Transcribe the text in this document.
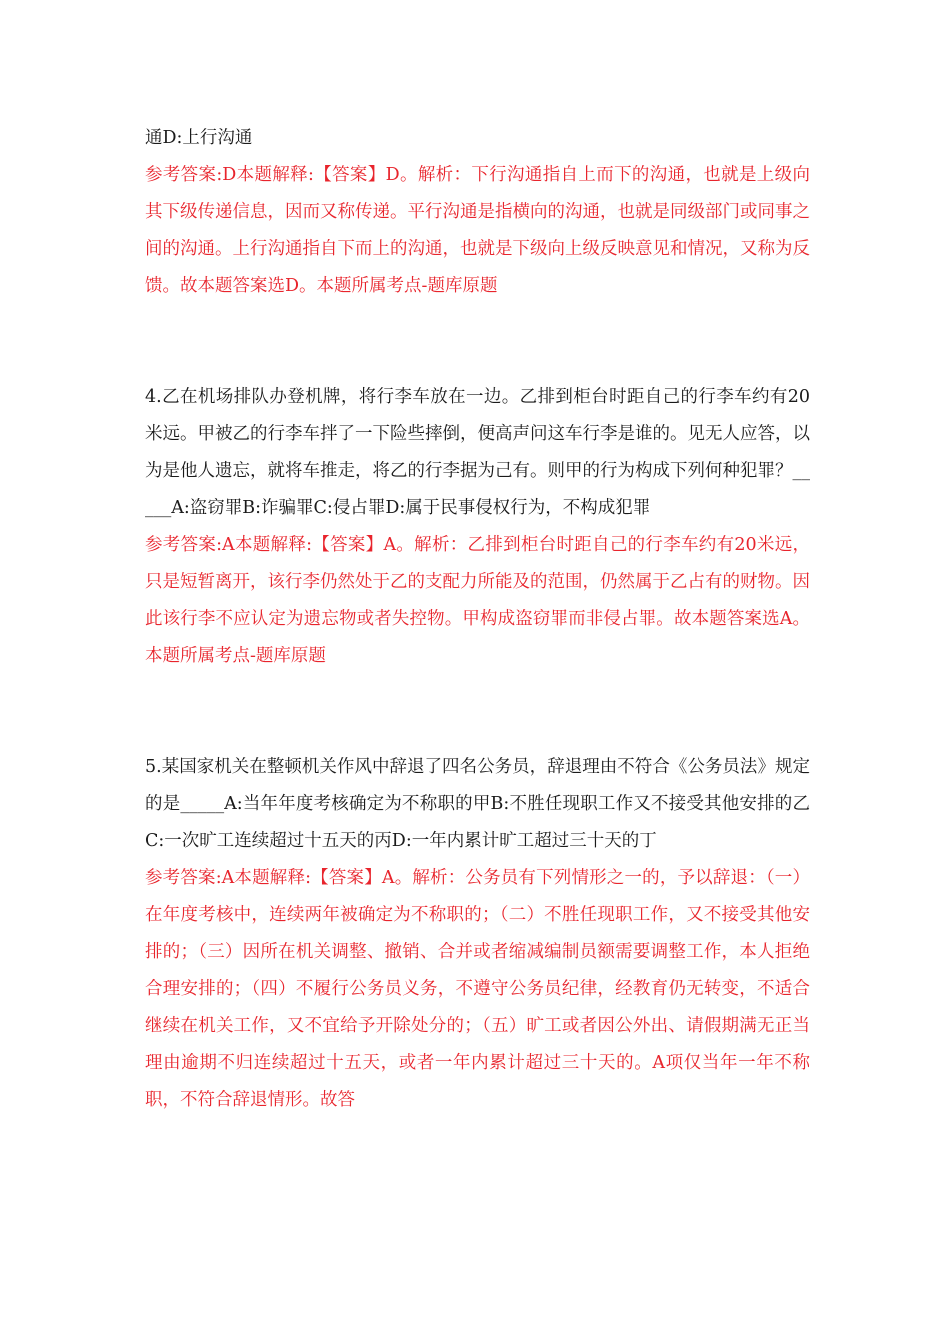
通D:上行沟通

参考答案:D本题解释:【答案】D。解析：下行沟通指自上而下的沟通，也就是上级向其下级传递信息，因而又称传递。平行沟通是指横向的沟通，也就是同级部门或同事之间的沟通。上行沟通指自下而上的沟通，也就是下级向上级反映意见和情况，又称为反馈。故本题答案选D。本题所属考点-题库原题

4.乙在机场排队办登机牌，将行李车放在一边。乙排到柜台时距自己的行李车约有20米远。甲被乙的行李车拌了一下险些摔倒，便高声问这车行李是谁的。见无人应答，以为是他人遗忘，就将车推走，将乙的行李据为己有。则甲的行为构成下列何种犯罪？_____A:盗窃罪B:诈骗罪C:侵占罪D:属于民事侵权行为，不构成犯罪

参考答案:A本题解释:【答案】A。解析：乙排到柜台时距自己的行李车约有20米远，只是短暂离开，该行李仍然处于乙的支配力所能及的范围，仍然属于乙占有的财物。因此该行李不应认定为遗忘物或者失控物。甲构成盗窃罪而非侵占罪。故本题答案选A。本题所属考点-题库原题

5.某国家机关在整顿机关作风中辞退了四名公务员，辞退理由不符合《公务员法》规定的是_____A:当年年度考核确定为不称职的甲B:不胜任现职工作又不接受其他安排的乙C:一次旷工连续超过十五天的丙D:一年内累计旷工超过三十天的丁

参考答案:A本题解释:【答案】A。解析：公务员有下列情形之一的，予以辞退：（一）在年度考核中，连续两年被确定为不称职的；（二）不胜任现职工作，又不接受其他安排的；（三）因所在机关调整、撤销、合并或者缩减编制员额需要调整工作，本人拒绝合理安排的；（四）不履行公务员义务，不遵守公务员纪律，经教育仍无转变，不适合继续在机关工作，又不宜给予开除处分的；（五）旷工或者因公外出、请假期满无正当理由逾期不归连续超过十五天，或者一年内累计超过三十天的。A项仅当年一年不称职，不符合辞退情形。故答
